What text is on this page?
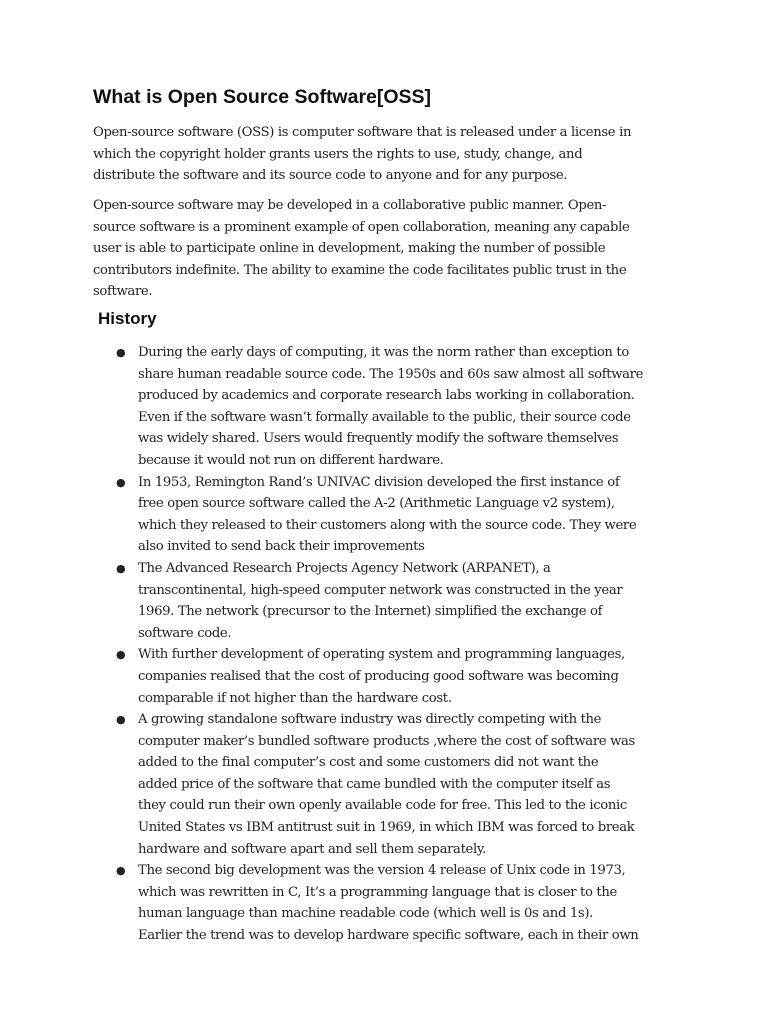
What is Open Source Software[OSS]
Open-source software (OSS) is computer software that is released under a license in
which the copyright holder grants users the rights to use, study, change, and
distribute the software and its source code to anyone and for any purpose.
Open-source software may be developed in a collaborative public manner. Open-
source software is a prominent example of open collaboration, meaning any capable
user is able to participate online in development, making the number of possible
contributors indefinite. The ability to examine the code facilitates public trust in the
software.
History
● During the early days of computing, it was the norm rather than exception to
share human readable source code. The 1950s and 60s saw almost all software
produced by academics and corporate research labs working in collaboration.
Even if the software wasn’t formally available to the public, their source code
was widely shared. Users would frequently modify the software themselves
because it would not run on different hardware.
● In 1953, Remington Rand’s UNIVAC division developed the first instance of
free open source software called the A-2 (Arithmetic Language v2 system),
which they released to their customers along with the source code. They were
also invited to send back their improvements
● The Advanced Research Projects Agency Network (ARPANET), a
transcontinental, high-speed computer network was constructed in the year
1969. The network (precursor to the Internet) simplified the exchange of
software code.
● With further development of operating system and programming languages,
companies realised that the cost of producing good software was becoming
comparable if not higher than the hardware cost.
● A growing standalone software industry was directly competing with the
computer maker’s bundled software products ,where the cost of software was
added to the final computer’s cost and some customers did not want the
added price of the software that came bundled with the computer itself as
they could run their own openly available code for free. This led to the iconic
United States vs IBM antitrust suit in 1969, in which IBM was forced to break
hardware and software apart and sell them separately.
● The second big development was the version 4 release of Unix code in 1973,
which was rewritten in C, It’s a programming language that is closer to the
human language than machine readable code (which well is 0s and 1s).
Earlier the trend was to develop hardware specific software, each in their own
